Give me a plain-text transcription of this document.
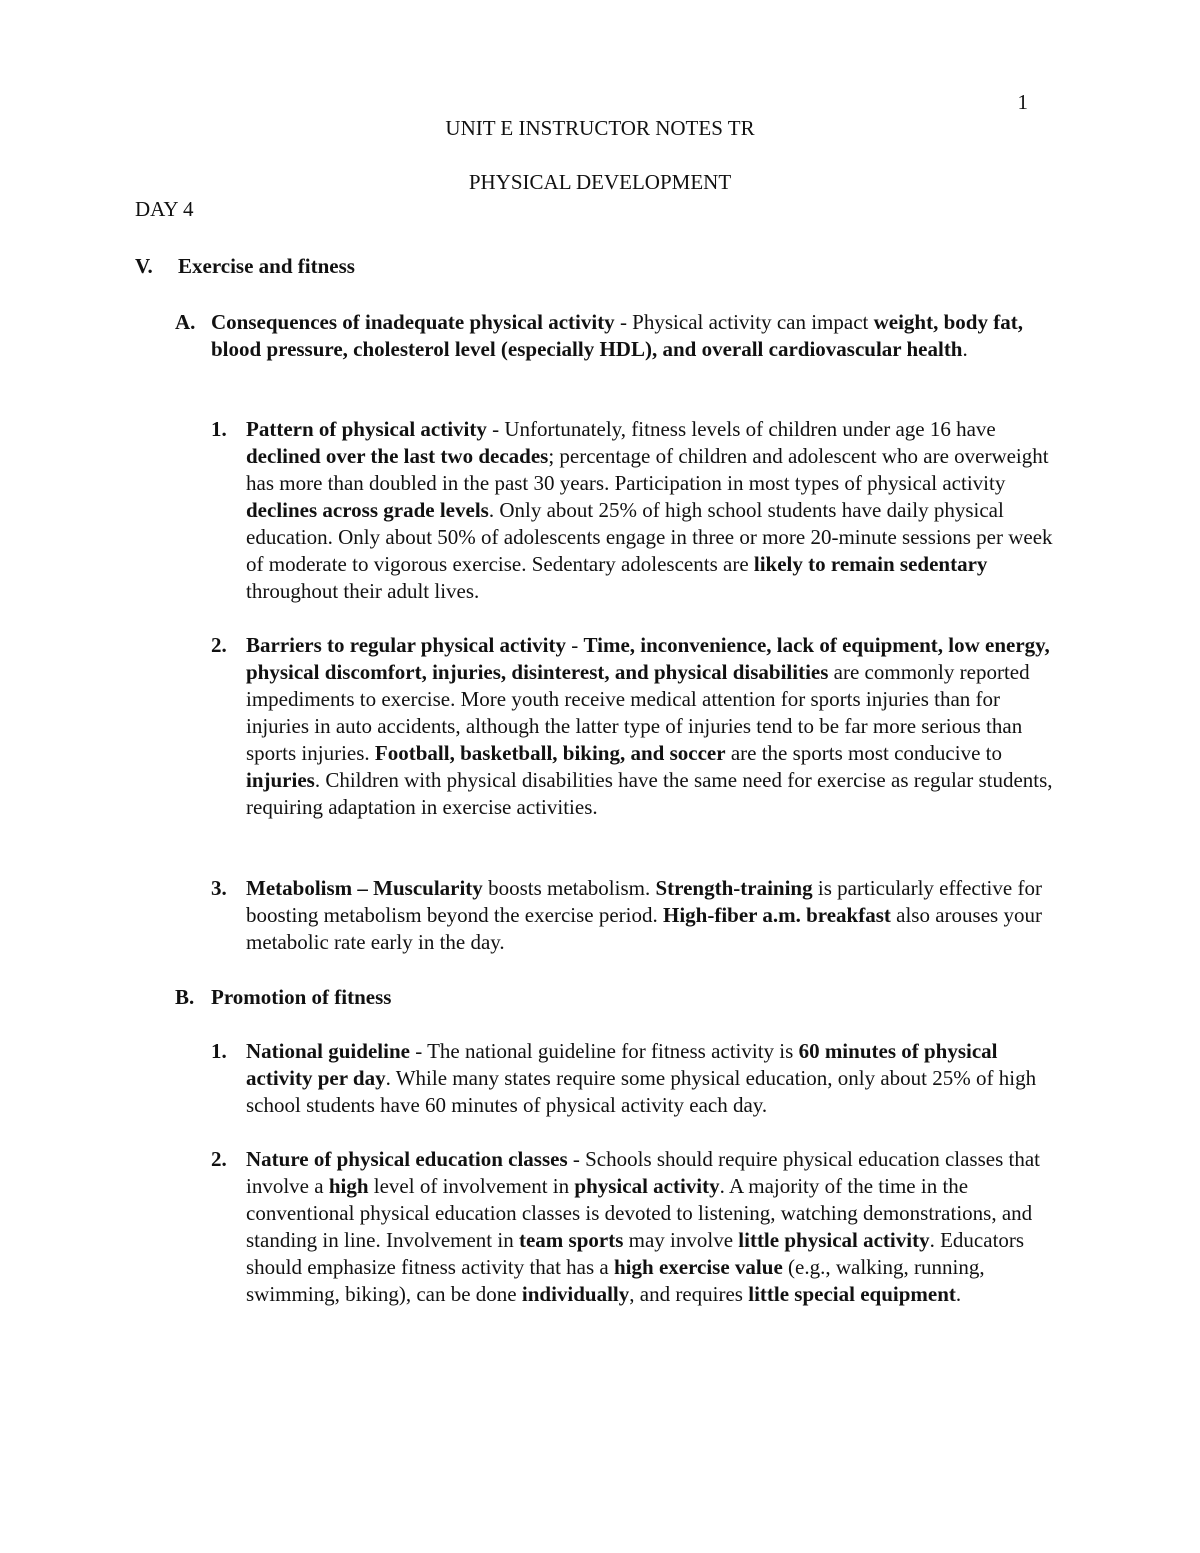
1
UNIT E INSTRUCTOR NOTES TR
PHYSICAL DEVELOPMENT
DAY 4
V. Exercise and fitness
A. Consequences of inadequate physical activity - Physical activity can impact weight, body fat, blood pressure, cholesterol level (especially HDL), and overall cardiovascular health.
1. Pattern of physical activity - Unfortunately, fitness levels of children under age 16 have declined over the last two decades; percentage of children and adolescent who are overweight has more than doubled in the past 30 years. Participation in most types of physical activity declines across grade levels. Only about 25% of high school students have daily physical education. Only about 50% of adolescents engage in three or more 20-minute sessions per week of moderate to vigorous exercise. Sedentary adolescents are likely to remain sedentary throughout their adult lives.
2. Barriers to regular physical activity - Time, inconvenience, lack of equipment, low energy, physical discomfort, injuries, disinterest, and physical disabilities are commonly reported impediments to exercise. More youth receive medical attention for sports injuries than for injuries in auto accidents, although the latter type of injuries tend to be far more serious than sports injuries. Football, basketball, biking, and soccer are the sports most conducive to injuries. Children with physical disabilities have the same need for exercise as regular students, requiring adaptation in exercise activities.
3. Metabolism – Muscularity boosts metabolism. Strength-training is particularly effective for boosting metabolism beyond the exercise period. High-fiber a.m. breakfast also arouses your metabolic rate early in the day.
B. Promotion of fitness
1. National guideline - The national guideline for fitness activity is 60 minutes of physical activity per day. While many states require some physical education, only about 25% of high school students have 60 minutes of physical activity each day.
2. Nature of physical education classes - Schools should require physical education classes that involve a high level of involvement in physical activity. A majority of the time in the conventional physical education classes is devoted to listening, watching demonstrations, and standing in line. Involvement in team sports may involve little physical activity. Educators should emphasize fitness activity that has a high exercise value (e.g., walking, running, swimming, biking), can be done individually, and requires little special equipment.
